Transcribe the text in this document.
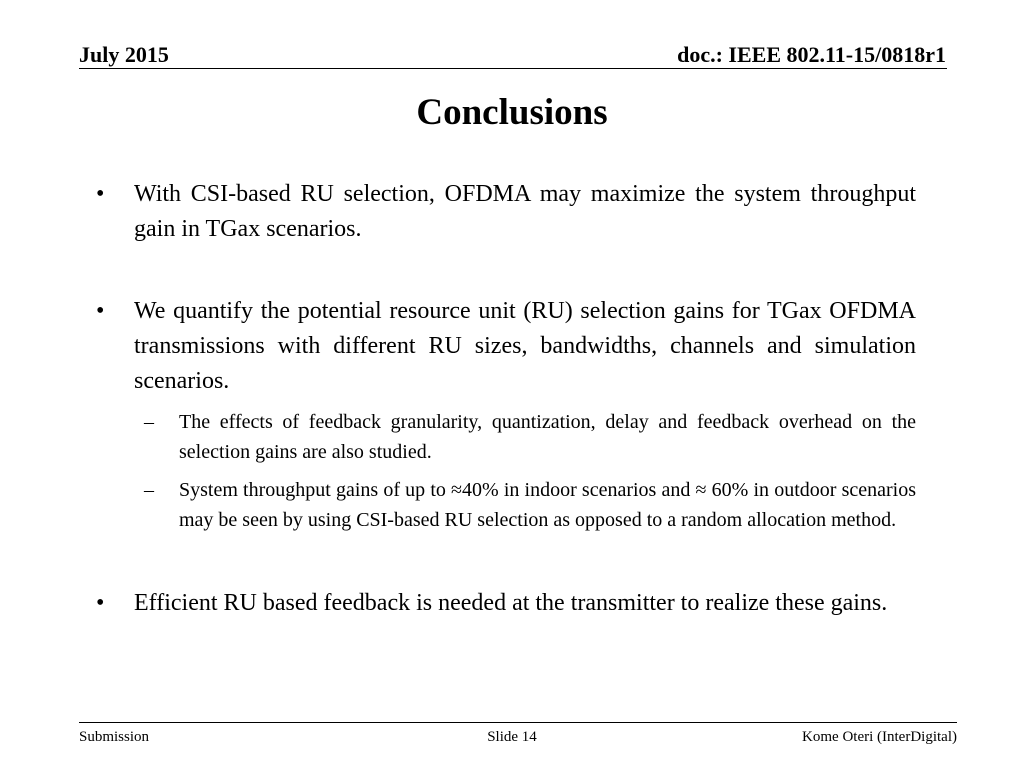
July 2015	doc.: IEEE 802.11-15/0818r1
Conclusions
•	With CSI-based RU selection, OFDMA may maximize the system throughput gain in TGax scenarios.
•	We quantify the potential resource unit (RU) selection gains for TGax OFDMA transmissions with different RU sizes, bandwidths, channels and simulation scenarios.
– The effects of feedback granularity, quantization, delay and feedback overhead on the selection gains are also studied.
– System throughput gains of up to ≈40% in indoor scenarios and ≈ 60% in outdoor scenarios may be seen by using CSI-based RU selection as opposed to a random allocation method.
•	Efficient RU based feedback is needed at the transmitter to realize these gains.
Submission	Slide 14	Kome Oteri (InterDigital)
